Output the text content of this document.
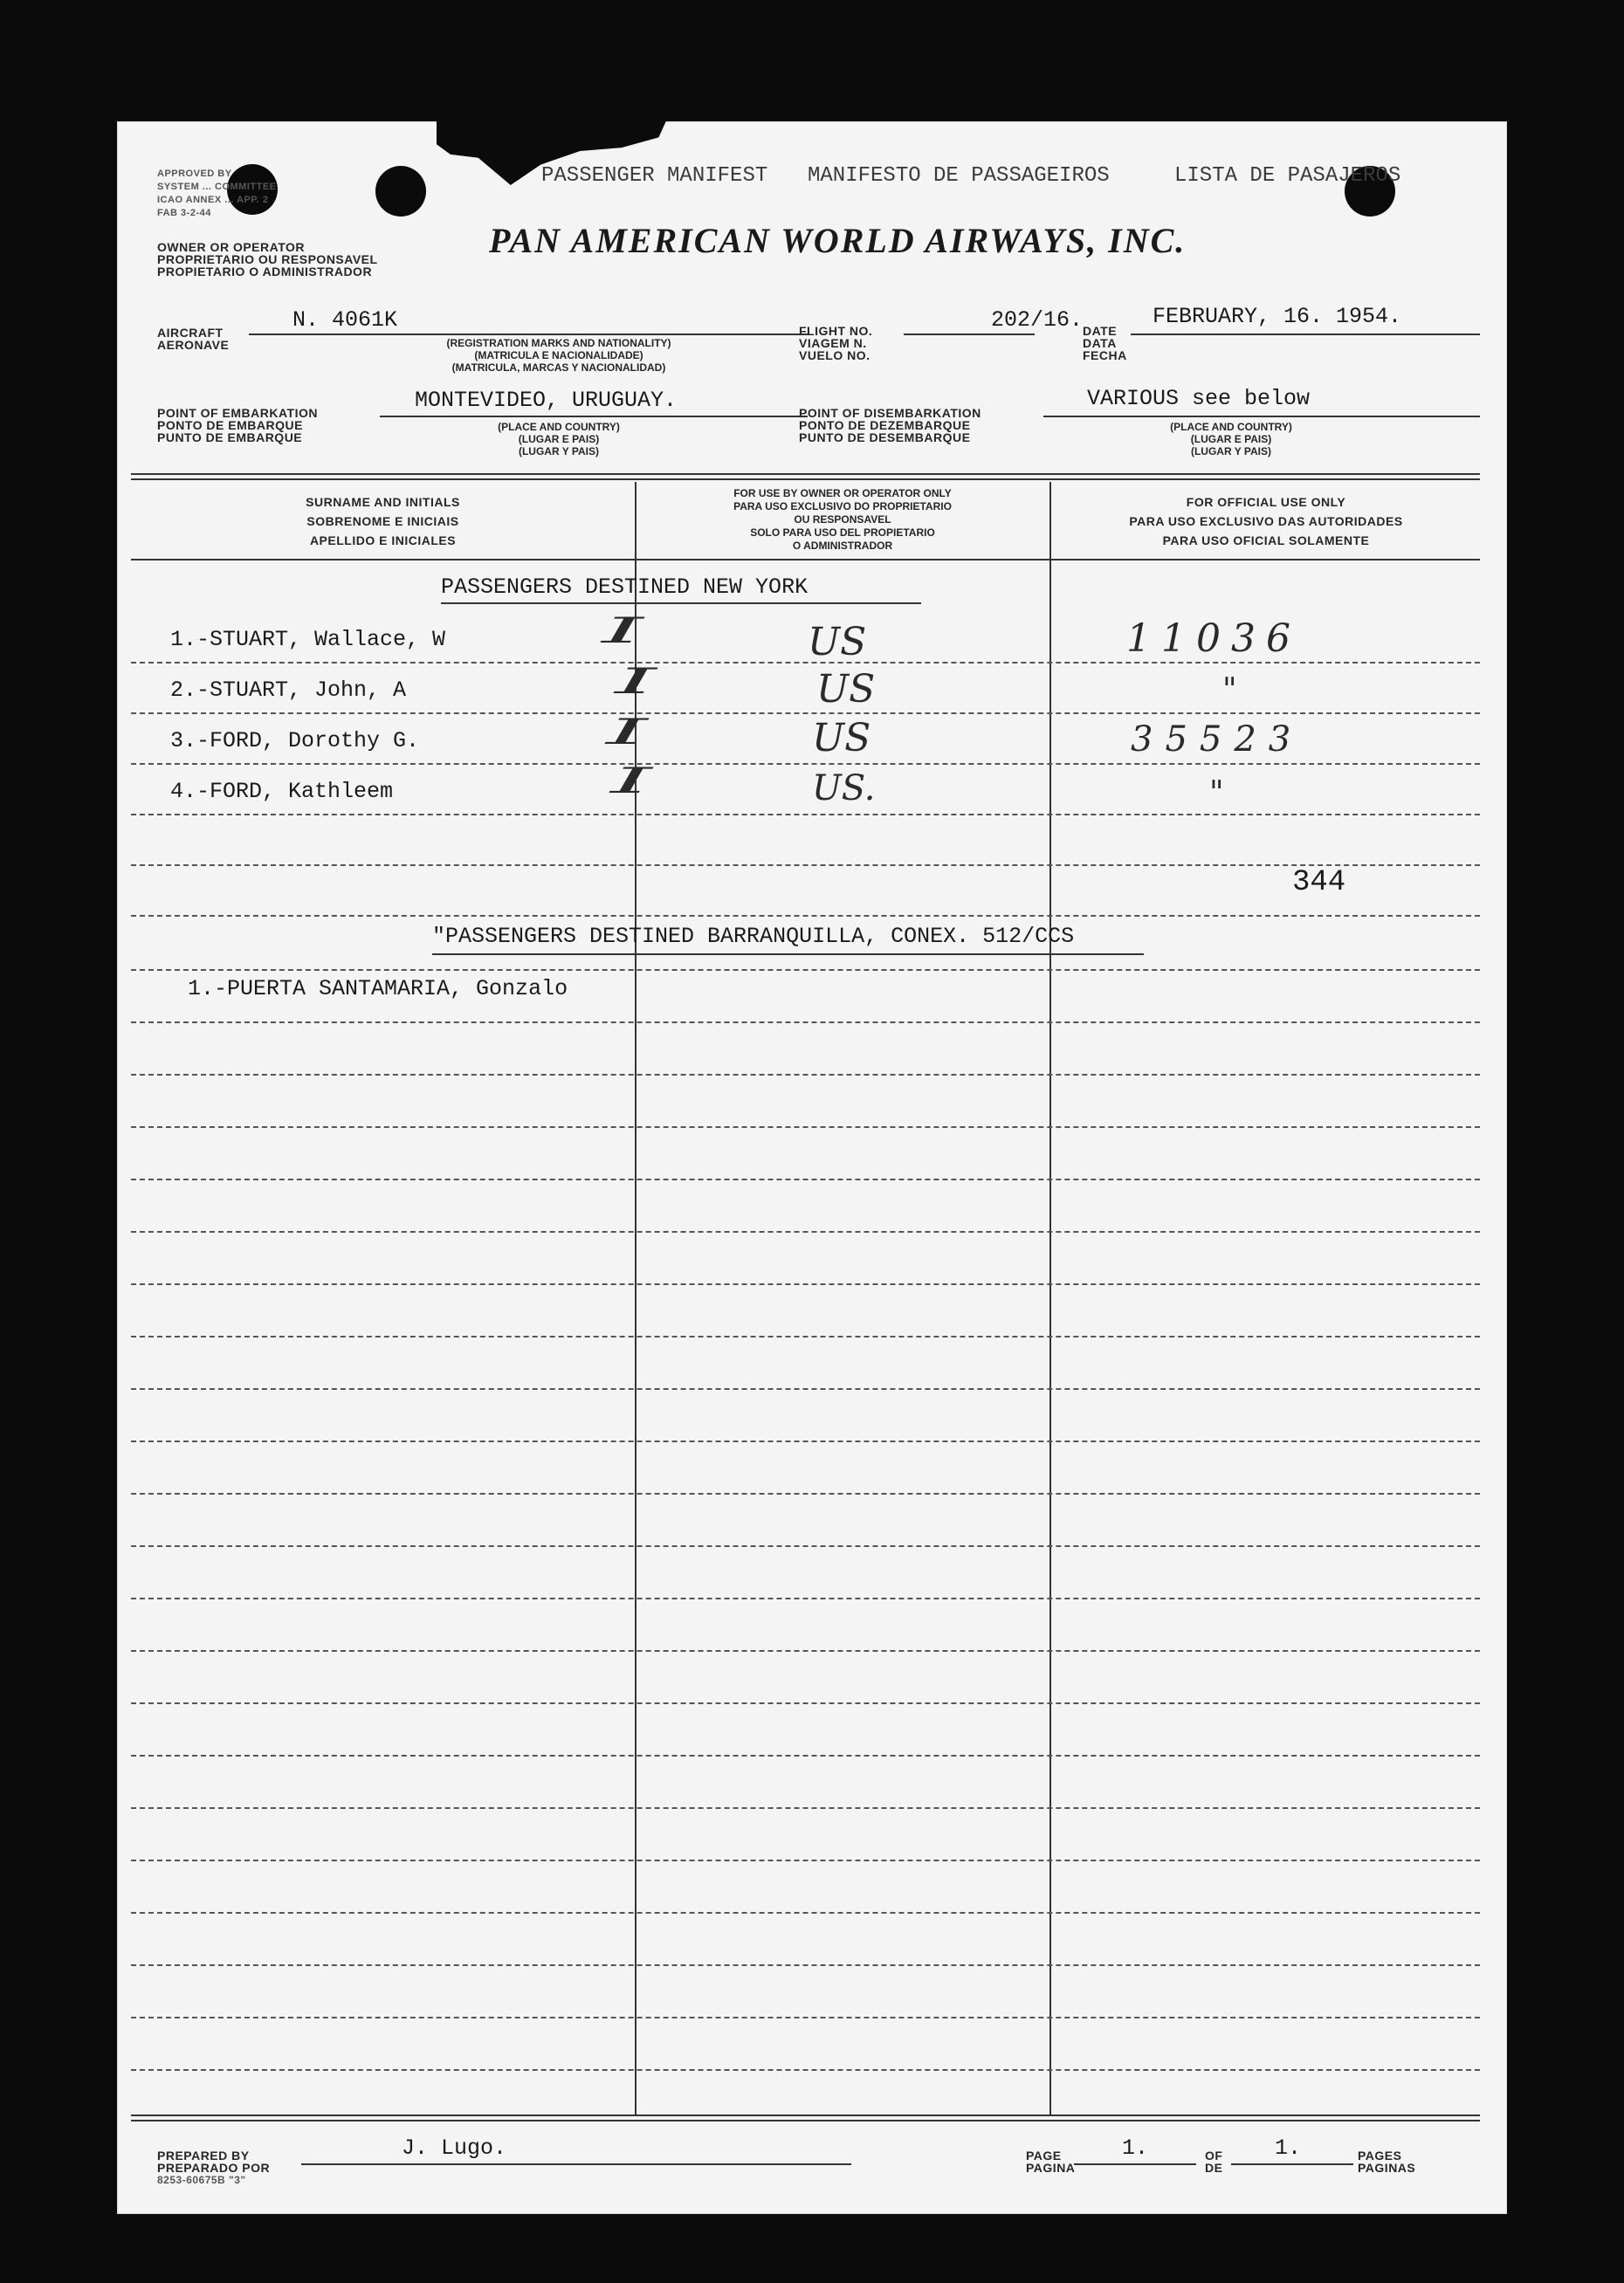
APPROVED BY
SYSTEM ... COMMITTEE
ICAO ANNEX ... APP. 2
FAB 3-2-44
PASSENGER MANIFEST MANIFESTO DE PASSAGEIROS	LISTA DE PASAJEROS
OWNER OR OPERATOR
PROPRIETARIO OU RESPONSAVEL
PROPIETARIO O ADMINISTRADOR
PAN AMERICAN WORLD AIRWAYS, INC.
AIRCRAFT
AERONAVE
N. 4061K
(REGISTRATION MARKS AND NATIONALITY)
(MATRICULA E NACIONALIDADE)
(MATRICULA, MARCAS Y NACIONALIDAD)
FLIGHT NO.
VIAGEM N.
VUELO NO.
202/16. DATE
DATA
FECHA
FEBRUARY, 16. 1954.
POINT OF EMBARKATION
PONTO DE EMBARQUE
PUNTO DE EMBARQUE
MONTEVIDEO, URUGUAY.
(PLACE AND COUNTRY)
(LUGAR E PAIS)
(LUGAR Y PAIS)
POINT OF DISEMBARKATION
PONTO DE DEZEMBARQUE
PUNTO DE DESEMBARQUE
VARIOUS see below
(PLACE AND COUNTRY)
(LUGAR E PAIS)
(LUGAR Y PAIS)
SURNAME AND INITIALS
SOBRENOME E INICIAIS
APELLIDO E INICIALES
FOR USE BY OWNER OR OPERATOR ONLY
PARA USO EXCLUSIVO DO PROPRIETARIO
OU RESPONSAVEL
SOLO PARA USO DEL PROPIETARIO
O ADMINISTRADOR
FOR OFFICIAL USE ONLY
PARA USO EXCLUSIVO DAS AUTORIDADES
PARA USO OFICIAL SOLAMENTE
PASSENGERS DESTINED NEW YORK
1.-STUART, Wallace, W	I	US	11036
2.-STUART, John, A	I	US	"
3.-FORD, Dorothy G.	I	US	35523
4.-FORD, Kathleem	I	US.	"
344
"PASSENGERS DESTINED BARRANQUILLA, CONEX. 512/CCS
1.-PUERTA SANTAMARIA, Gonzalo
PREPARED BY
PREPARADO POR
8253-60675B "3"
J. Lugo.	PAGE
PAGINA
1.	OF
DE
1.	PAGES
PAGINAS
